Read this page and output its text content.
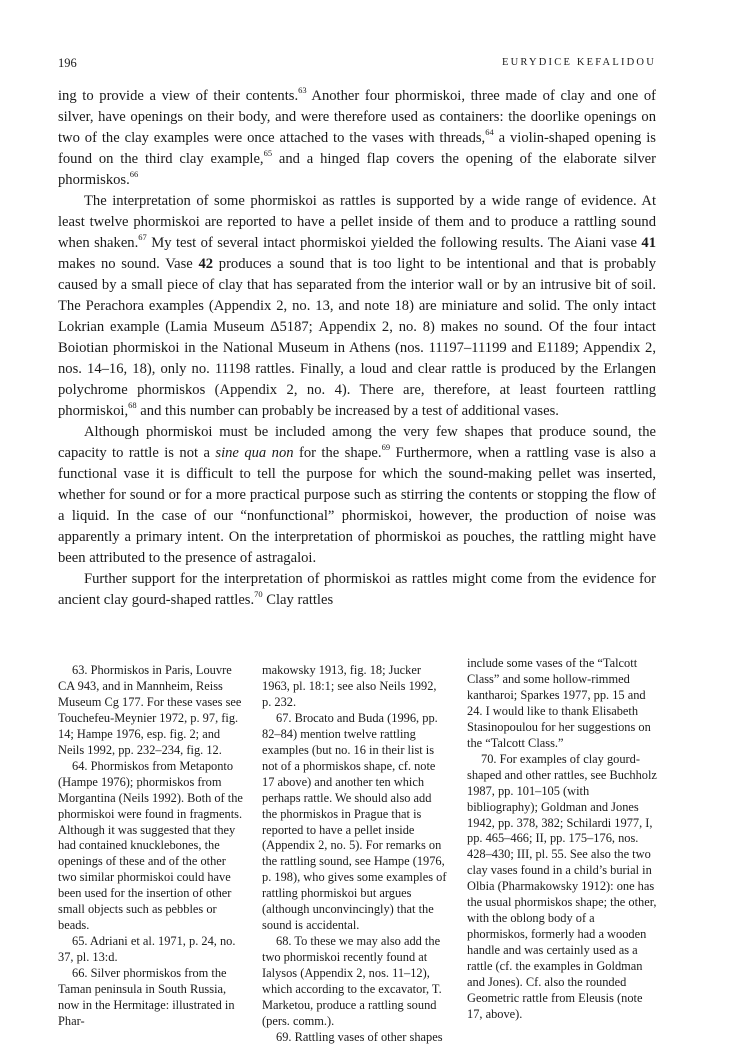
196	EURYDICE KEFALIDOU

ing to provide a view of their contents.$^{63}$ Another four phormiskoi, three made of clay and one of silver, have openings on their body, and were therefore used as containers: the doorlike openings on two of the clay examples were once attached to the vases with threads,$^{64}$ a violin-shaped opening is found on the third clay example,$^{65}$ and a hinged flap covers the opening of the elaborate silver phormiskos.$^{66}$

The interpretation of some phormiskoi as rattles is supported by a wide range of evidence. At least twelve phormiskoi are reported to have a pellet inside of them and to produce a rattling sound when shaken.$^{67}$ My test of several intact phormiskoi yielded the following results. The Aiani vase 41 makes no sound. Vase 42 produces a sound that is too light to be intentional and that is probably caused by a small piece of clay that has separated from the interior wall or by an intrusive bit of soil. The Perachora examples (Appendix 2, no. 13, and note 18) are miniature and solid. The only intact Lokrian example (Lamia Museum Δ5187; Appendix 2, no. 8) makes no sound. Of the four intact Boiotian phormiskoi in the National Museum in Athens (nos. 11197–11199 and E1189; Appendix 2, nos. 14–16, 18), only no. 11198 rattles. Finally, a loud and clear rattle is produced by the Erlangen polychrome phormiskos (Appendix 2, no. 4). There are, therefore, at least fourteen rattling phormiskoi,$^{68}$ and this number can probably be increased by a test of additional vases.

Although phormiskoi must be included among the very few shapes that produce sound, the capacity to rattle is not a sine qua non for the shape.$^{69}$ Furthermore, when a rattling vase is also a functional vase it is difficult to tell the purpose for which the sound-making pellet was inserted, whether for sound or for a more practical purpose such as stirring the contents or stopping the flow of a liquid. In the case of our “nonfunctional” phormiskoi, however, the production of noise was apparently a primary intent. On the interpretation of phormiskoi as pouches, the rattling might have been attributed to the presence of astragaloi.

Further support for the interpretation of phormiskoi as rattles might come from the evidence for ancient clay gourd-shaped rattles.$^{70}$ Clay rattles

63. Phormiskos in Paris, Louvre CA 943, and in Mannheim, Reiss Museum Cg 177. For these vases see Touchefeu-Meynier 1972, p. 97, fig. 14; Hampe 1976, esp. fig. 2; and Neils 1992, pp. 232–234, fig. 12.

64. Phormiskos from Metaponto (Hampe 1976); phormiskos from Morgantina (Neils 1992). Both of the phormiskoi were found in fragments. Although it was suggested that they had contained knucklebones, the openings of these and of the other two similar phormiskoi could have been used for the insertion of other small objects such as pebbles or beads.

65. Adriani et al. 1971, p. 24, no. 37, pl. 13:d.

66. Silver phormiskos from the Taman peninsula in South Russia, now in the Hermitage: illustrated in Phar-

makowsky 1913, fig. 18; Jucker 1963, pl. 18:1; see also Neils 1992, p. 232.

67. Brocato and Buda (1996, pp. 82–84) mention twelve rattling examples (but no. 16 in their list is not of a phormiskos shape, cf. note 17 above) and another ten which perhaps rattle. We should also add the phormiskos in Prague that is reported to have a pellet inside (Appendix 2, no. 5). For remarks on the rattling sound, see Hampe (1976, p. 198), who gives some examples of rattling phormiskoi but argues (although unconvincingly) that the sound is accidental.

68. To these we may also add the two phormiskoi recently found at Ialysos (Appendix 2, nos. 11–12), which according to the excavator, T. Marketou, produce a rattling sound (pers. comm.).

69. Rattling vases of other shapes

include some vases of the “Talcott Class” and some hollow-rimmed kantharoi; Sparkes 1977, pp. 15 and 24. I would like to thank Elisabeth Stasinopoulou for her suggestions on the “Talcott Class.”

70. For examples of clay gourd-shaped and other rattles, see Buchholz 1987, pp. 101–105 (with bibliography); Goldman and Jones 1942, pp. 378, 382; Schilardi 1977, I, pp. 465–466; II, pp. 175–176, nos. 428–430; III, pl. 55. See also the two clay vases found in a child’s burial in Olbia (Pharmakowsky 1912): one has the usual phormiskos shape; the other, with the oblong body of a phormiskos, formerly had a wooden handle and was certainly used as a rattle (cf. the examples in Goldman and Jones). Cf. also the rounded Geometric rattle from Eleusis (note 17, above).
